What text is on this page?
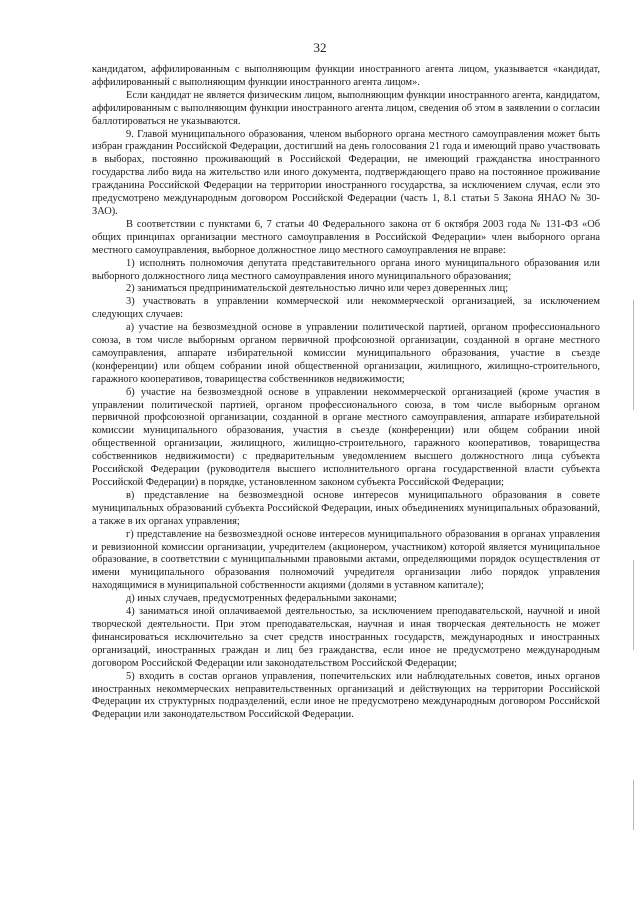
32

кандидатом, аффилированным с выполняющим функции иностранного агента лицом, указывается «кандидат, аффилированный с выполняющим функции иностранного агента лицом».

Если кандидат не является физическим лицом, выполняющим функции иностранного агента, кандидатом, аффилированным с выполняющим функции иностранного агента лицом, сведения об этом в заявлении о согласии баллотироваться не указываются.

9. Главой муниципального образования, членом выборного органа местного самоуправления может быть избран гражданин Российской Федерации, достигший на день голосования 21 года и имеющий право участвовать в выборах, постоянно проживающий в Российской Федерации, не имеющий гражданства иностранного государства либо вида на жительство или иного документа, подтверждающего право на постоянное проживание гражданина Российской Федерации на территории иностранного государства, за исключением случая, если это предусмотрено международным договором Российской Федерации (часть 1, 8.1 статьи 5 Закона ЯНАО № 30-ЗАО).

В соответствии с пунктами 6, 7 статьи 40 Федерального закона от 6 октября 2003 года № 131-ФЗ «Об общих принципах организации местного самоуправления в Российской Федерации» член выборного органа местного самоуправления, выборное должностное лицо местного самоуправления не вправе:

1) исполнять полномочия депутата представительного органа иного муниципального образования или выборного должностного лица местного самоуправления иного муниципального образования;

2) заниматься предпринимательской деятельностью лично или через доверенных лиц;

3) участвовать в управлении коммерческой или некоммерческой организацией, за исключением следующих случаев:

а) участие на безвозмездной основе в управлении политической партией, органом профессионального союза, в том числе выборным органом первичной профсоюзной организации, созданной в органе местного самоуправления, аппарате избирательной комиссии муниципального образования, участие в съезде (конференции) или общем собрании иной общественной организации, жилищного, жилищно-строительного, гаражного кооперативов, товарищества собственников недвижимости;

б) участие на безвозмездной основе в управлении некоммерческой организацией (кроме участия в управлении политической партией, органом профессионального союза, в том числе выборным органом первичной профсоюзной организации, созданной в органе местного самоуправления, аппарате избирательной комиссии муниципального образования, участия в съезде (конференции) или общем собрании иной общественной организации, жилищного, жилищно-строительного, гаражного кооперативов, товарищества собственников недвижимости) с предварительным уведомлением высшего должностного лица субъекта Российской Федерации (руководителя высшего исполнительного органа государственной власти субъекта Российской Федерации) в порядке, установленном законом субъекта Российской Федерации;

в) представление на безвозмездной основе интересов муниципального образования в совете муниципальных образований субъекта Российской Федерации, иных объединениях муниципальных образований, а также в их органах управления;

г) представление на безвозмездной основе интересов муниципального образования в органах управления и ревизионной комиссии организации, учредителем (акционером, участником) которой является муниципальное образование, в соответствии с муниципальными правовыми актами, определяющими порядок осуществления от имени муниципального образования полномочий учредителя организации либо порядок управления находящимися в муниципальной собственности акциями (долями в уставном капитале);

д) иных случаев, предусмотренных федеральными законами;

4) заниматься иной оплачиваемой деятельностью, за исключением преподавательской, научной и иной творческой деятельности. При этом преподавательская, научная и иная творческая деятельность не может финансироваться исключительно за счет средств иностранных государств, международных и иностранных организаций, иностранных граждан и лиц без гражданства, если иное не предусмотрено международным договором Российской Федерации или законодательством Российской Федерации;

5) входить в состав органов управления, попечительских или наблюдательных советов, иных органов иностранных некоммерческих неправительственных организаций и действующих на территории Российской Федерации их структурных подразделений, если иное не предусмотрено международным договором Российской Федерации или законодательством Российской Федерации.
